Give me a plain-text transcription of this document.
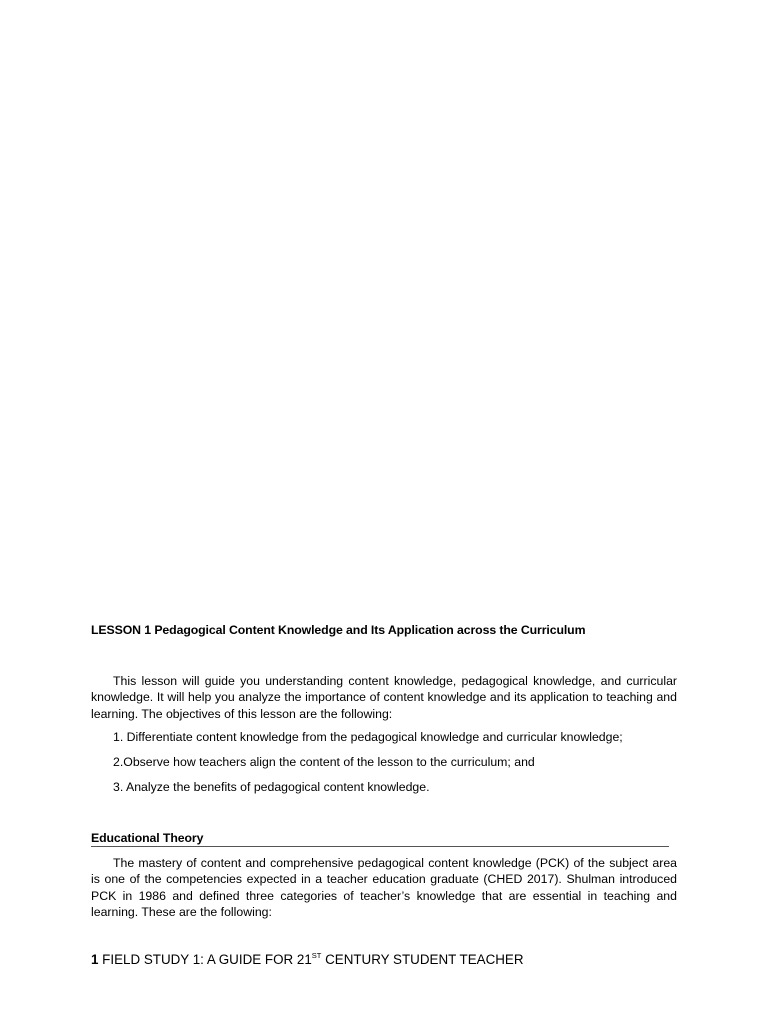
LESSON 1 Pedagogical Content Knowledge and Its Application across the Curriculum

This lesson will guide you understanding content knowledge, pedagogical knowledge, and curricular knowledge. It will help you analyze the importance of content knowledge and its application to teaching and learning. The objectives of this lesson are the following:

1. Differentiate content knowledge from the pedagogical knowledge and curricular knowledge;
2.Observe how teachers align the content of the lesson to the curriculum; and
3. Analyze the benefits of pedagogical content knowledge.
Educational Theory

The mastery of content and comprehensive pedagogical content knowledge (PCK) of the subject area is one of the competencies expected in a teacher education graduate (CHED 2017). Shulman introduced PCK in 1986 and defined three categories of teacher’s knowledge that are essential in teaching and learning. These are the following:

1 FIELD STUDY 1: A GUIDE FOR 21ST CENTURY STUDENT TEACHER
